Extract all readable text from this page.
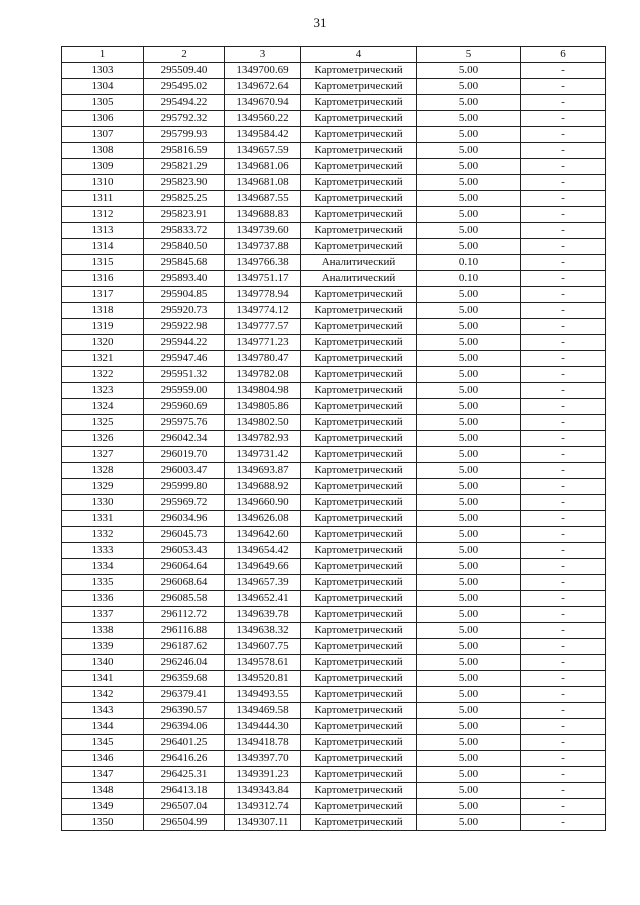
31
1	2	3	4	5	6
1303	295509.40	1349700.69	Картометрический	5.00	-
1304	295495.02	1349672.64	Картометрический	5.00	-
1305	295494.22	1349670.94	Картометрический	5.00	-
1306	295792.32	1349560.22	Картометрический	5.00	-
1307	295799.93	1349584.42	Картометрический	5.00	-
1308	295816.59	1349657.59	Картометрический	5.00	-
1309	295821.29	1349681.06	Картометрический	5.00	-
1310	295823.90	1349681.08	Картометрический	5.00	-
1311	295825.25	1349687.55	Картометрический	5.00	-
1312	295823.91	1349688.83	Картометрический	5.00	-
1313	295833.72	1349739.60	Картометрический	5.00	-
1314	295840.50	1349737.88	Картометрический	5.00	-
1315	295845.68	1349766.38	Аналитический	0.10	-
1316	295893.40	1349751.17	Аналитический	0.10	-
1317	295904.85	1349778.94	Картометрический	5.00	-
1318	295920.73	1349774.12	Картометрический	5.00	-
1319	295922.98	1349777.57	Картометрический	5.00	-
1320	295944.22	1349771.23	Картометрический	5.00	-
1321	295947.46	1349780.47	Картометрический	5.00	-
1322	295951.32	1349782.08	Картометрический	5.00	-
1323	295959.00	1349804.98	Картометрический	5.00	-
1324	295960.69	1349805.86	Картометрический	5.00	-
1325	295975.76	1349802.50	Картометрический	5.00	-
1326	296042.34	1349782.93	Картометрический	5.00	-
1327	296019.70	1349731.42	Картометрический	5.00	-
1328	296003.47	1349693.87	Картометрический	5.00	-
1329	295999.80	1349688.92	Картометрический	5.00	-
1330	295969.72	1349660.90	Картометрический	5.00	-
1331	296034.96	1349626.08	Картометрический	5.00	-
1332	296045.73	1349642.60	Картометрический	5.00	-
1333	296053.43	1349654.42	Картометрический	5.00	-
1334	296064.64	1349649.66	Картометрический	5.00	-
1335	296068.64	1349657.39	Картометрический	5.00	-
1336	296085.58	1349652.41	Картометрический	5.00	-
1337	296112.72	1349639.78	Картометрический	5.00	-
1338	296116.88	1349638.32	Картометрический	5.00	-
1339	296187.62	1349607.75	Картометрический	5.00	-
1340	296246.04	1349578.61	Картометрический	5.00	-
1341	296359.68	1349520.81	Картометрический	5.00	-
1342	296379.41	1349493.55	Картометрический	5.00	-
1343	296390.57	1349469.58	Картометрический	5.00	-
1344	296394.06	1349444.30	Картометрический	5.00	-
1345	296401.25	1349418.78	Картометрический	5.00	-
1346	296416.26	1349397.70	Картометрический	5.00	-
1347	296425.31	1349391.23	Картометрический	5.00	-
1348	296413.18	1349343.84	Картометрический	5.00	-
1349	296507.04	1349312.74	Картометрический	5.00	-
1350	296504.99	1349307.11	Картометрический	5.00	-
